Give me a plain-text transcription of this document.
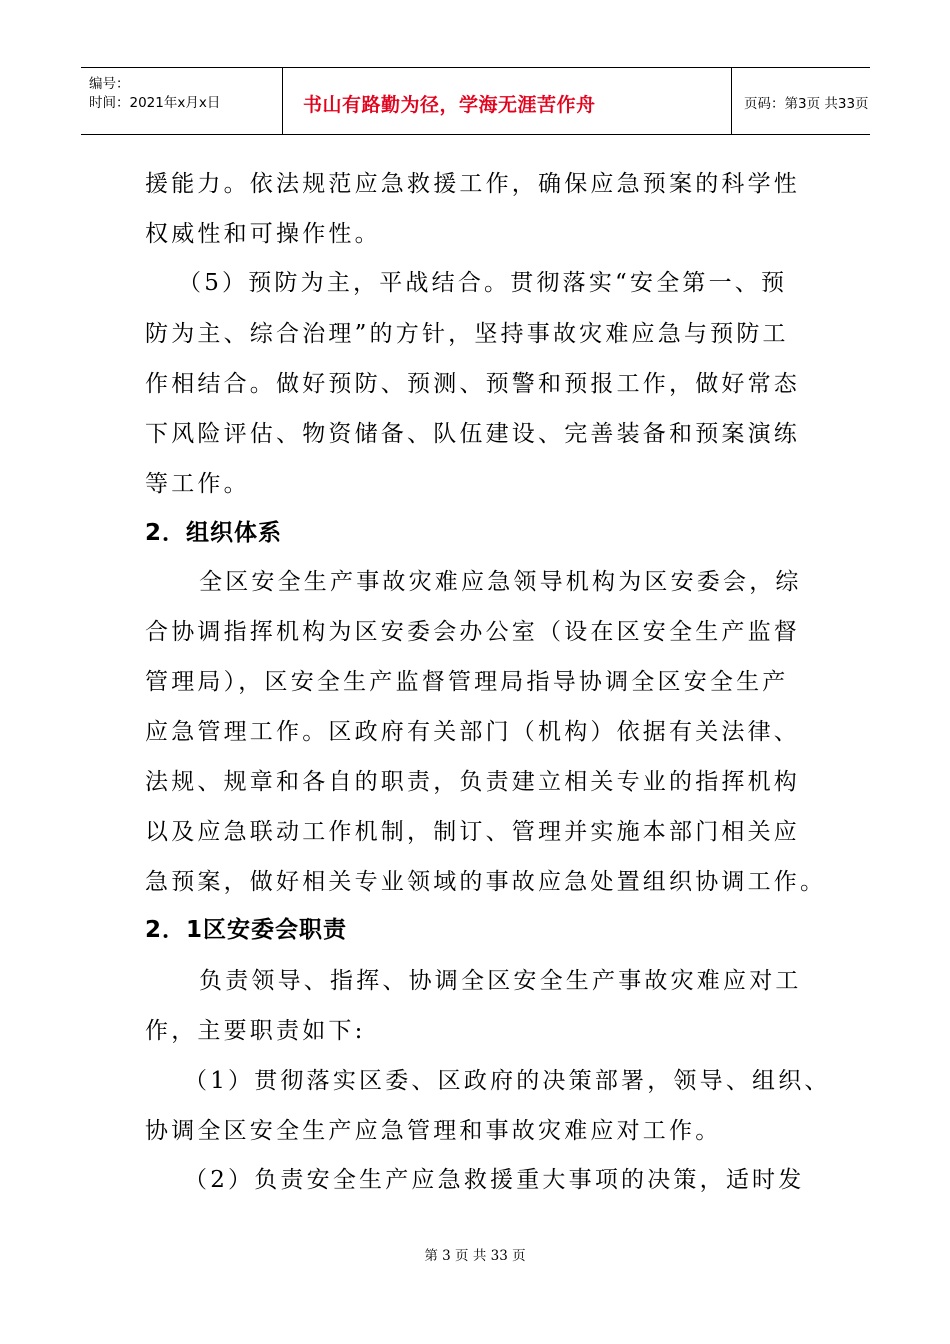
编号：
时间：2021年x月x日	书山有路勤为径，学海无涯苦作舟	页码：第3页 共33页
援能力。依法规范应急救援工作，确保应急预案的科学性
权威性和可操作性。
（5）预防为主，平战结合。贯彻落实“安全第一、预
防为主、综合治理”的方针，坚持事故灾难应急与预防工
作相结合。做好预防、预测、预警和预报工作，做好常态
下风险评估、物资储备、队伍建设、完善装备和预案演练
等工作。
2．组织体系
全区安全生产事故灾难应急领导机构为区安委会，综
合协调指挥机构为区安委会办公室（设在区安全生产监督
管理局），区安全生产监督管理局指导协调全区安全生产
应急管理工作。区政府有关部门（机构）依据有关法律、
法规、规章和各自的职责，负责建立相关专业的指挥机构
以及应急联动工作机制，制订、管理并实施本部门相关应
急预案，做好相关专业领域的事故应急处置组织协调工作。
2．1区安委会职责
负责领导、指挥、协调全区安全生产事故灾难应对工
作，主要职责如下:
（1）贯彻落实区委、区政府的决策部署，领导、组织、
协调全区安全生产应急管理和事故灾难应对工作。
（2）负责安全生产应急救援重大事项的决策，适时发
第 3 页 共 33 页
